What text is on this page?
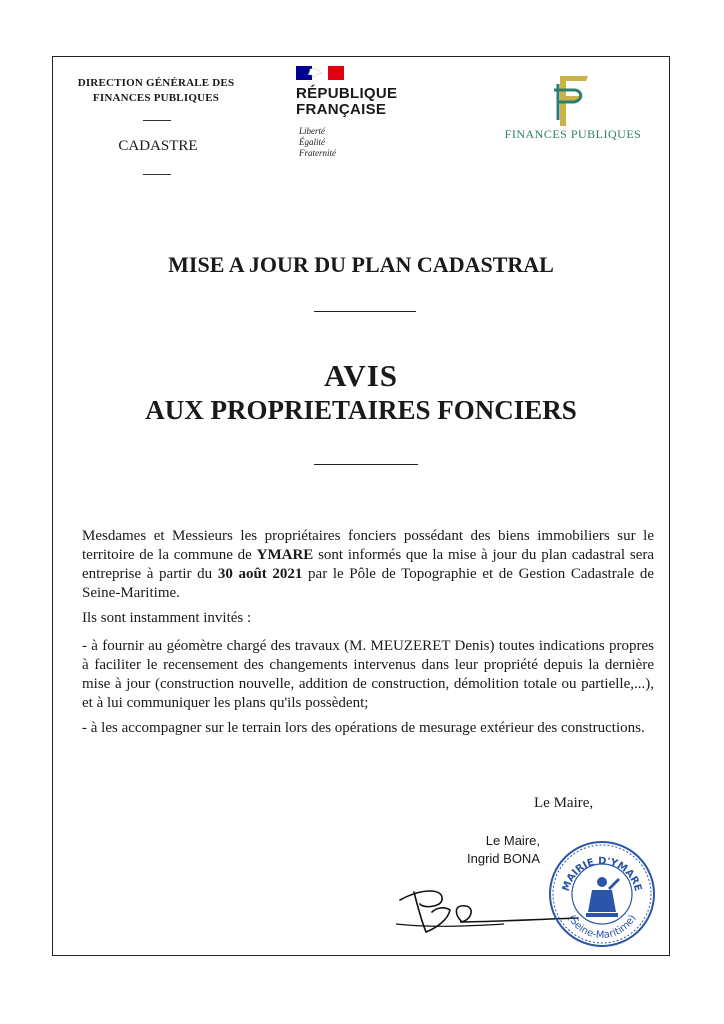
DIRECTION GÉNÉRALE DES
FINANCES PUBLIQUES
CADASTRE
RÉPUBLIQUE
FRANÇAISE
Liberté
Égalité
Fraternité
FINANCES PUBLIQUES
MISE A JOUR DU PLAN CADASTRAL
AVIS
AUX PROPRIETAIRES FONCIERS

Mesdames et Messieurs les propriétaires fonciers possédant des biens immobiliers sur le territoire de la commune de YMARE sont informés que la mise à jour du plan cadastral sera entreprise à partir du 30 août 2021 par le Pôle de Topographie et de Gestion Cadastrale de Seine-Maritime.

Ils sont instamment invités :

- à fournir au géomètre chargé des travaux (M. MEUZERET Denis) toutes indications propres à faciliter le recensement des changements intervenus dans leur propriété depuis la dernière mise à jour (construction nouvelle, addition de construction, démolition totale ou partielle,...), et à lui communiquer les plans qu'ils possèdent;

- à les accompagner sur le terrain lors des opérations de mesurage extérieur des constructions.

Le Maire,
Le Maire,
Ingrid BONA
MAIRIE D'YMARE
(Seine-Maritime)
